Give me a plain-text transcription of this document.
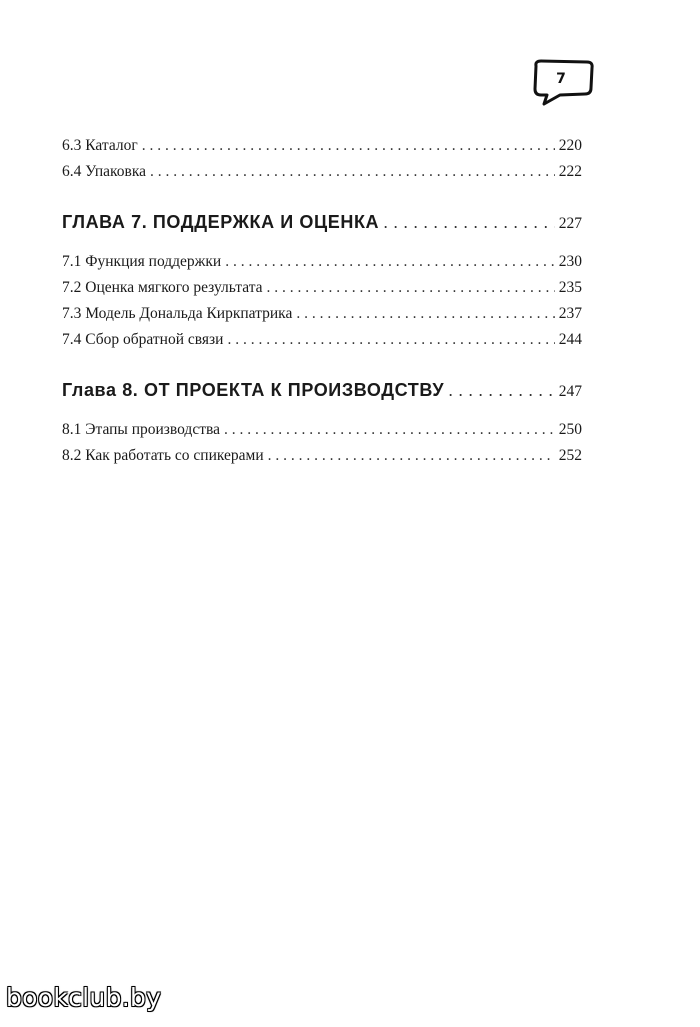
7
6.3 Каталог . . .	220
6.4 Упаковка . . .	222
ГЛАВА 7. ПОДДЕРЖКА И ОЦЕНКА . . .	227
7.1 Функция поддержки . . .	230
7.2 Оценка мягкого результата . . .	235
7.3 Модель Дональда Киркпатрика . . .	237
7.4 Сбор обратной связи . . .	244
Глава 8. ОТ ПРОЕКТА К ПРОИЗВОДСТВУ . . .	247
8.1 Этапы производства . . .	250
8.2 Как работать со спикерами . . .	252
bookclub.by
